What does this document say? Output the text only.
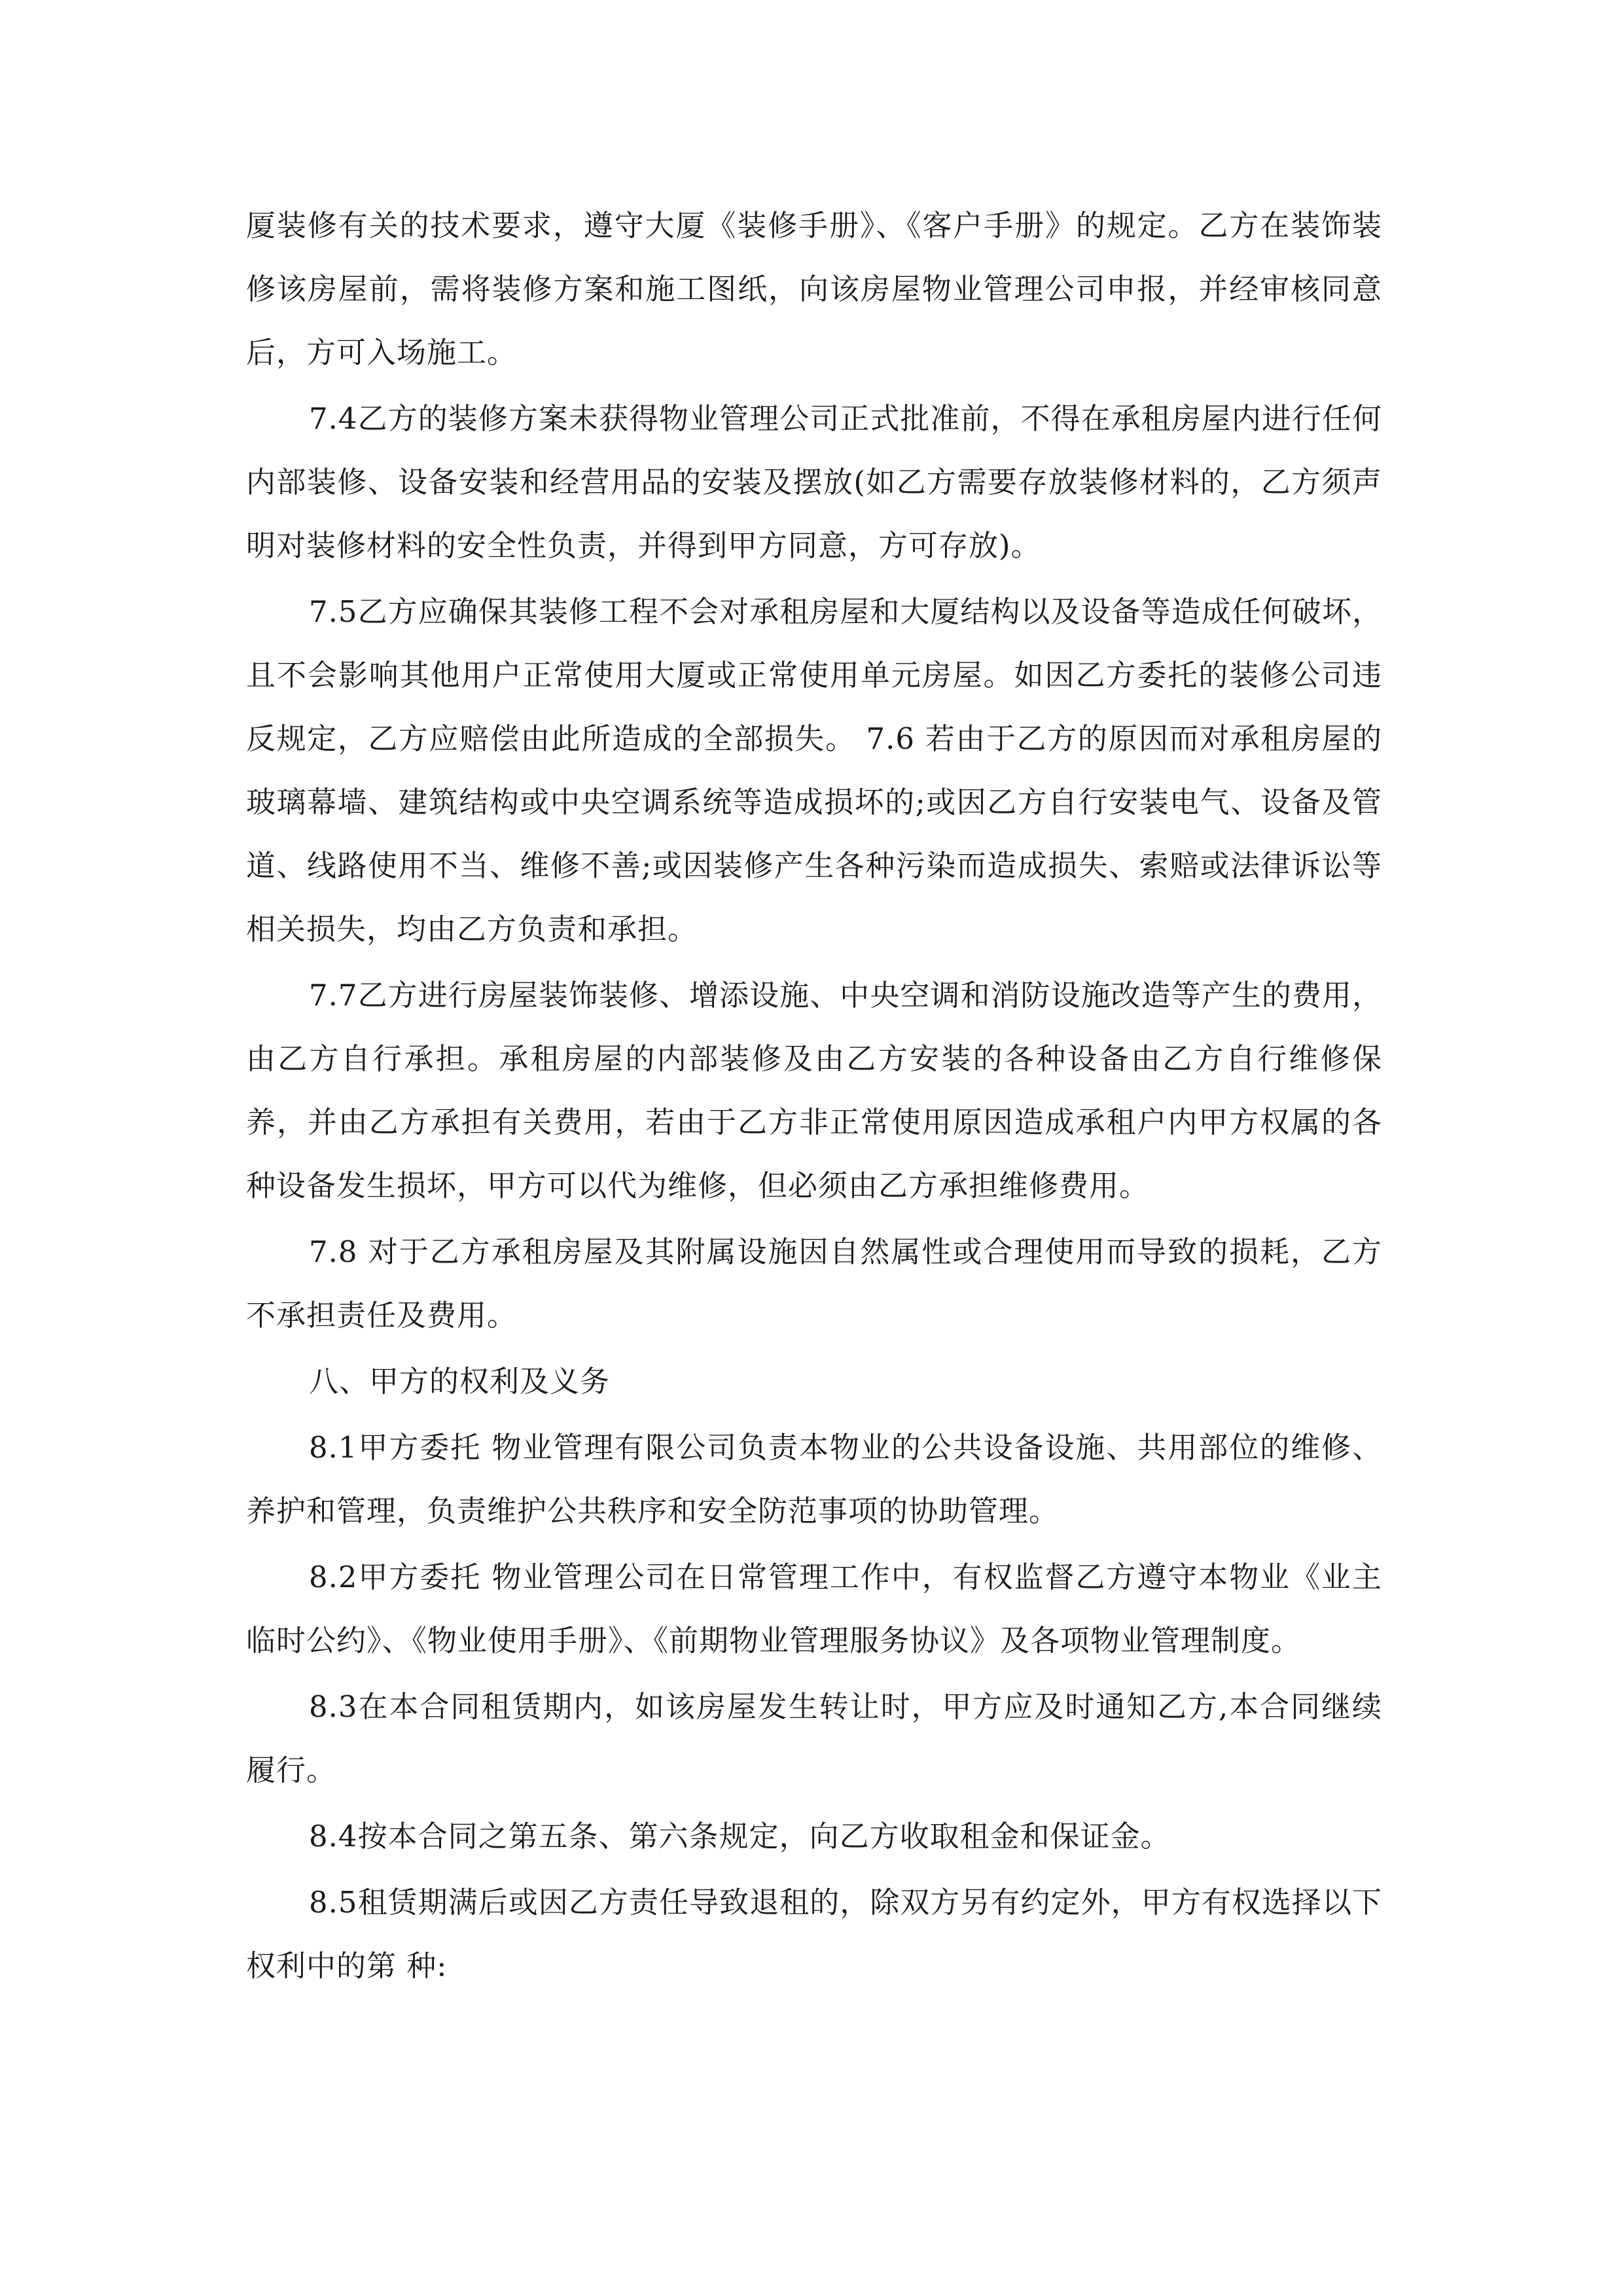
厦装修有关的技术要求，遵守大厦《装修手册》、《客户手册》的规定。乙方在装饰装修该房屋前，需将装修方案和施工图纸，向该房屋物业管理公司申报，并经审核同意后，方可入场施工。

7.4乙方的装修方案未获得物业管理公司正式批准前，不得在承租房屋内进行任何内部装修、设备安装和经营用品的安装及摆放(如乙方需要存放装修材料的，乙方须声明对装修材料的安全性负责，并得到甲方同意，方可存放)。

7.5乙方应确保其装修工程不会对承租房屋和大厦结构以及设备等造成任何破坏，且不会影响其他用户正常使用大厦或正常使用单元房屋。如因乙方委托的装修公司违反规定，乙方应赔偿由此所造成的全部损失。 7.6 若由于乙方的原因而对承租房屋的玻璃幕墙、建筑结构或中央空调系统等造成损坏的;或因乙方自行安装电气、设备及管道、线路使用不当、维修不善;或因装修产生各种污染而造成损失、索赔或法律诉讼等相关损失，均由乙方负责和承担。

7.7乙方进行房屋装饰装修、增添设施、中央空调和消防设施改造等产生的费用，由乙方自行承担。承租房屋的内部装修及由乙方安装的各种设备由乙方自行维修保养，并由乙方承担有关费用，若由于乙方非正常使用原因造成承租户内甲方权属的各种设备发生损坏，甲方可以代为维修，但必须由乙方承担维修费用。

7.8 对于乙方承租房屋及其附属设施因自然属性或合理使用而导致的损耗，乙方不承担责任及费用。

八、甲方的权利及义务

8.1甲方委托 物业管理有限公司负责本物业的公共设备设施、共用部位的维修、养护和管理，负责维护公共秩序和安全防范事项的协助管理。

8.2甲方委托 物业管理公司在日常管理工作中，有权监督乙方遵守本物业《业主临时公约》、《物业使用手册》、《前期物业管理服务协议》及各项物业管理制度。

8.3在本合同租赁期内，如该房屋发生转让时，甲方应及时通知乙方,本合同继续履行。

8.4按本合同之第五条、第六条规定，向乙方收取租金和保证金。

8.5租赁期满后或因乙方责任导致退租的，除双方另有约定外，甲方有权选择以下权利中的第 种:
